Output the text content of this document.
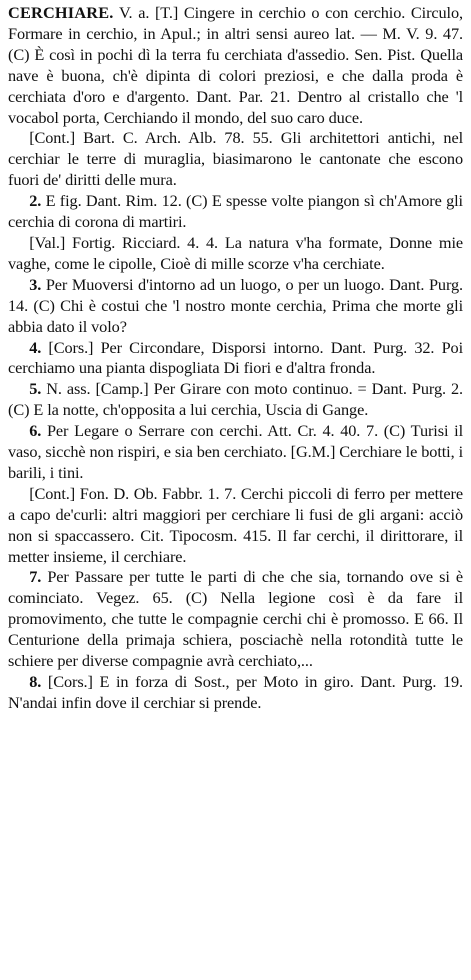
CERCHIARE. V. a. [T.] Cingere in cerchio o con cerchio. Circulo, Formare in cerchio, in Apul.; in altri sensi aureo lat. — M. V. 9. 47. (C) È così in pochi dì la terra fu cerchiata d'assedio. Sen. Pist. Quella nave è buona, ch'è dipinta di colori preziosi, e che dalla proda è cerchiata d'oro e d'argento. Dant. Par. 21. Dentro al cristallo che 'l vocabol porta, Cerchiando il mondo, del suo caro duce.

[Cont.] Bart. C. Arch. Alb. 78. 55. Gli architettori antichi, nel cerchiar le terre di muraglia, biasimarono le cantonate che escono fuori de' diritti delle mura.

2. E fig. Dant. Rim. 12. (C) E spesse volte piangon sì ch'Amore gli cerchia di corona di martiri.

[Val.] Fortig. Ricciard. 4. 4. La natura v'ha formate, Donne mie vaghe, come le cipolle, Cioè di mille scorze v'ha cerchiate.

3. Per Muoversi d'intorno ad un luogo, o per un luogo. Dant. Purg. 14. (C) Chi è costui che 'l nostro monte cerchia, Prima che morte gli abbia dato il volo?

4. [Cors.] Per Circondare, Disporsi intorno. Dant. Purg. 32. Poi cerchiamo una pianta dispogliata Di fiori e d'altra fronda.

5. N. ass. [Camp.] Per Girare con moto continuo. = Dant. Purg. 2. (C) E la notte, ch'opposita a lui cerchia, Uscia di Gange.

6. Per Legare o Serrare con cerchi. Att. Cr. 4. 40. 7. (C) Turisi il vaso, sicchè non rispiri, e sia ben cerchiato. [G.M.] Cerchiare le botti, i barili, i tini.

[Cont.] Fon. D. Ob. Fabbr. 1. 7. Cerchi piccoli di ferro per mettere a capo de'curli: altri maggiori per cerchiare li fusi de gli argani: acciò non si spaccassero. Cit. Tipocosm. 415. Il far cerchi, il dirittorare, il metter insieme, il cerchiare.

7. Per Passare per tutte le parti di che che sia, tornando ove si è cominciato. Vegez. 65. (C) Nella legione così è da fare il promovimento, che tutte le compagnie cerchi chi è promosso. E 66. Il Centurione della primaja schiera, posciachè nella rotondità tutte le schiere per diverse compagnie avrà cerchiato,...

8. [Cors.] E in forza di Sost., per Moto in giro. Dant. Purg. 19. N'andai infin dove il cerchiar si prende.
